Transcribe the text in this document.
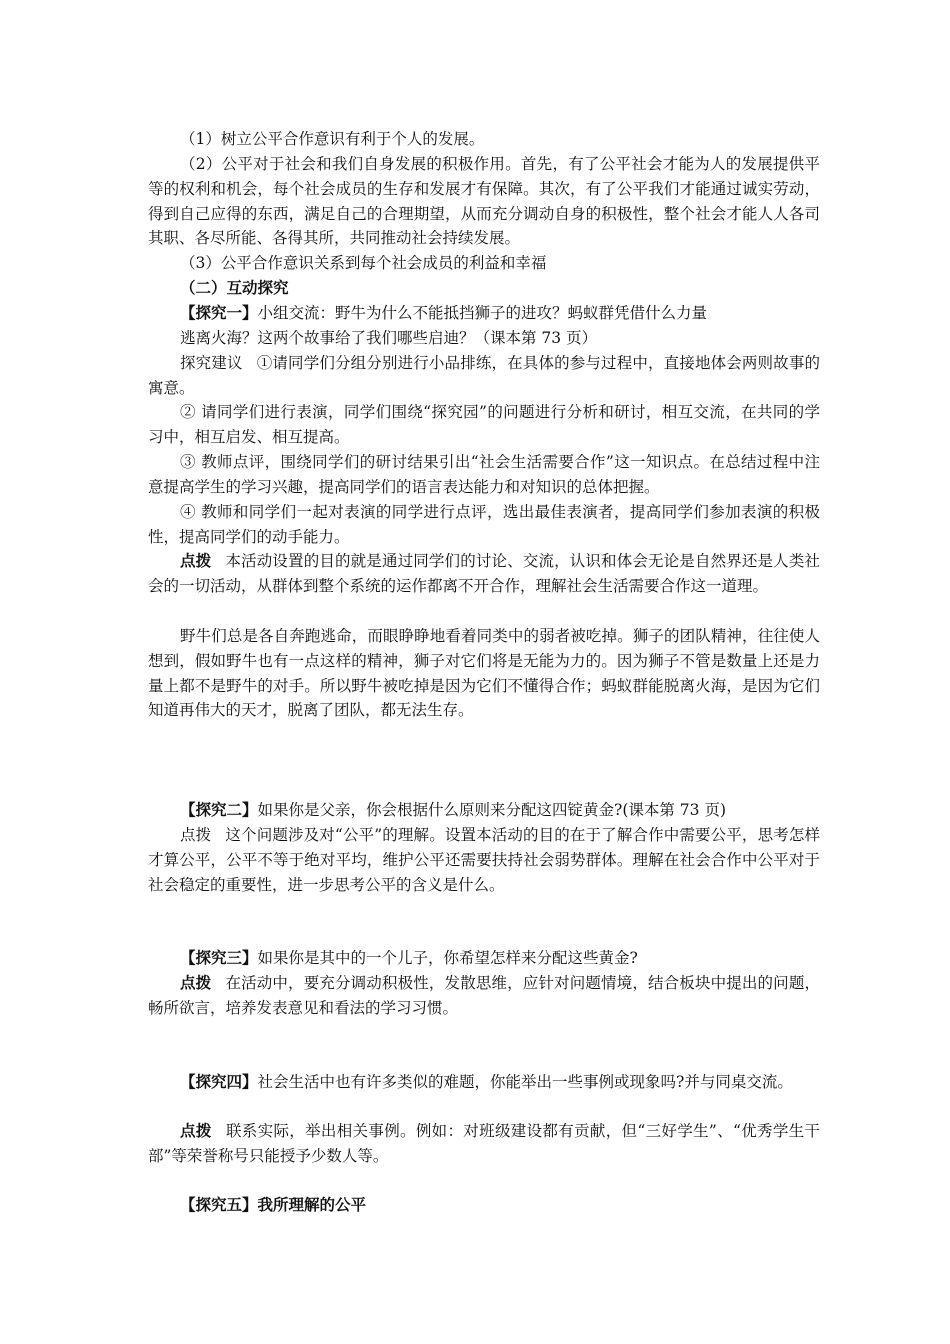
（1）树立公平合作意识有利于个人的发展。

（2）公平对于社会和我们自身发展的积极作用。首先，有了公平社会才能为人的发展提供平等的权利和机会，每个社会成员的生存和发展才有保障。其次，有了公平我们才能通过诚实劳动，得到自己应得的东西，满足自己的合理期望，从而充分调动自身的积极性，整个社会才能人人各司其职、各尽所能、各得其所，共同推动社会持续发展。

（3）公平合作意识关系到每个社会成员的利益和幸福

（二）互动探究

【探究一】小组交流：野牛为什么不能抵挡狮子的进攻？蚂蚁群凭借什么力量

逃离火海？这两个故事给了我们哪些启迪？（课本第 73 页）

探究建议 ①请同学们分组分别进行小品排练，在具体的参与过程中，直接地体会两则故事的寓意。

② 请同学们进行表演，同学们围绕“探究园”的问题进行分析和研讨，相互交流，在共同的学习中，相互启发、相互提高。

③ 教师点评，围绕同学们的研讨结果引出“社会生活需要合作”这一知识点。在总结过程中注意提高学生的学习兴趣，提高同学们的语言表达能力和对知识的总体把握。

④ 教师和同学们一起对表演的同学进行点评，选出最佳表演者，提高同学们参加表演的积极性，提高同学们的动手能力。

点拨 本活动设置的目的就是通过同学们的讨论、交流，认识和体会无论是自然界还是人类社会的一切活动，从群体到整个系统的运作都离不开合作，理解社会生活需要合作这一道理。

野牛们总是各自奔跑逃命，而眼睁睁地看着同类中的弱者被吃掉。狮子的团队精神，往往使人想到，假如野牛也有一点这样的精神，狮子对它们将是无能为力的。因为狮子不管是数量上还是力量上都不是野牛的对手。所以野牛被吃掉是因为它们不懂得合作；蚂蚁群能脱离火海，是因为它们知道再伟大的天才，脱离了团队，都无法生存。

【探究二】如果你是父亲，你会根据什么原则来分配这四锭黄金?(课本第 73 页)

点拨 这个问题涉及对“公平”的理解。设置本活动的目的在于了解合作中需要公平，思考怎样才算公平，公平不等于绝对平均，维护公平还需要扶持社会弱势群体。理解在社会合作中公平对于社会稳定的重要性，进一步思考公平的含义是什么。

【探究三】如果你是其中的一个儿子，你希望怎样来分配这些黄金?

点拨 在活动中，要充分调动积极性，发散思维，应针对问题情境，结合板块中提出的问题，畅所欲言，培养发表意见和看法的学习习惯。

【探究四】社会生活中也有许多类似的难题，你能举出一些事例或现象吗?并与同桌交流。

点拨 联系实际，举出相关事例。例如：对班级建设都有贡献，但“三好学生”、“优秀学生干部”等荣誉称号只能授予少数人等。

【探究五】我所理解的公平
